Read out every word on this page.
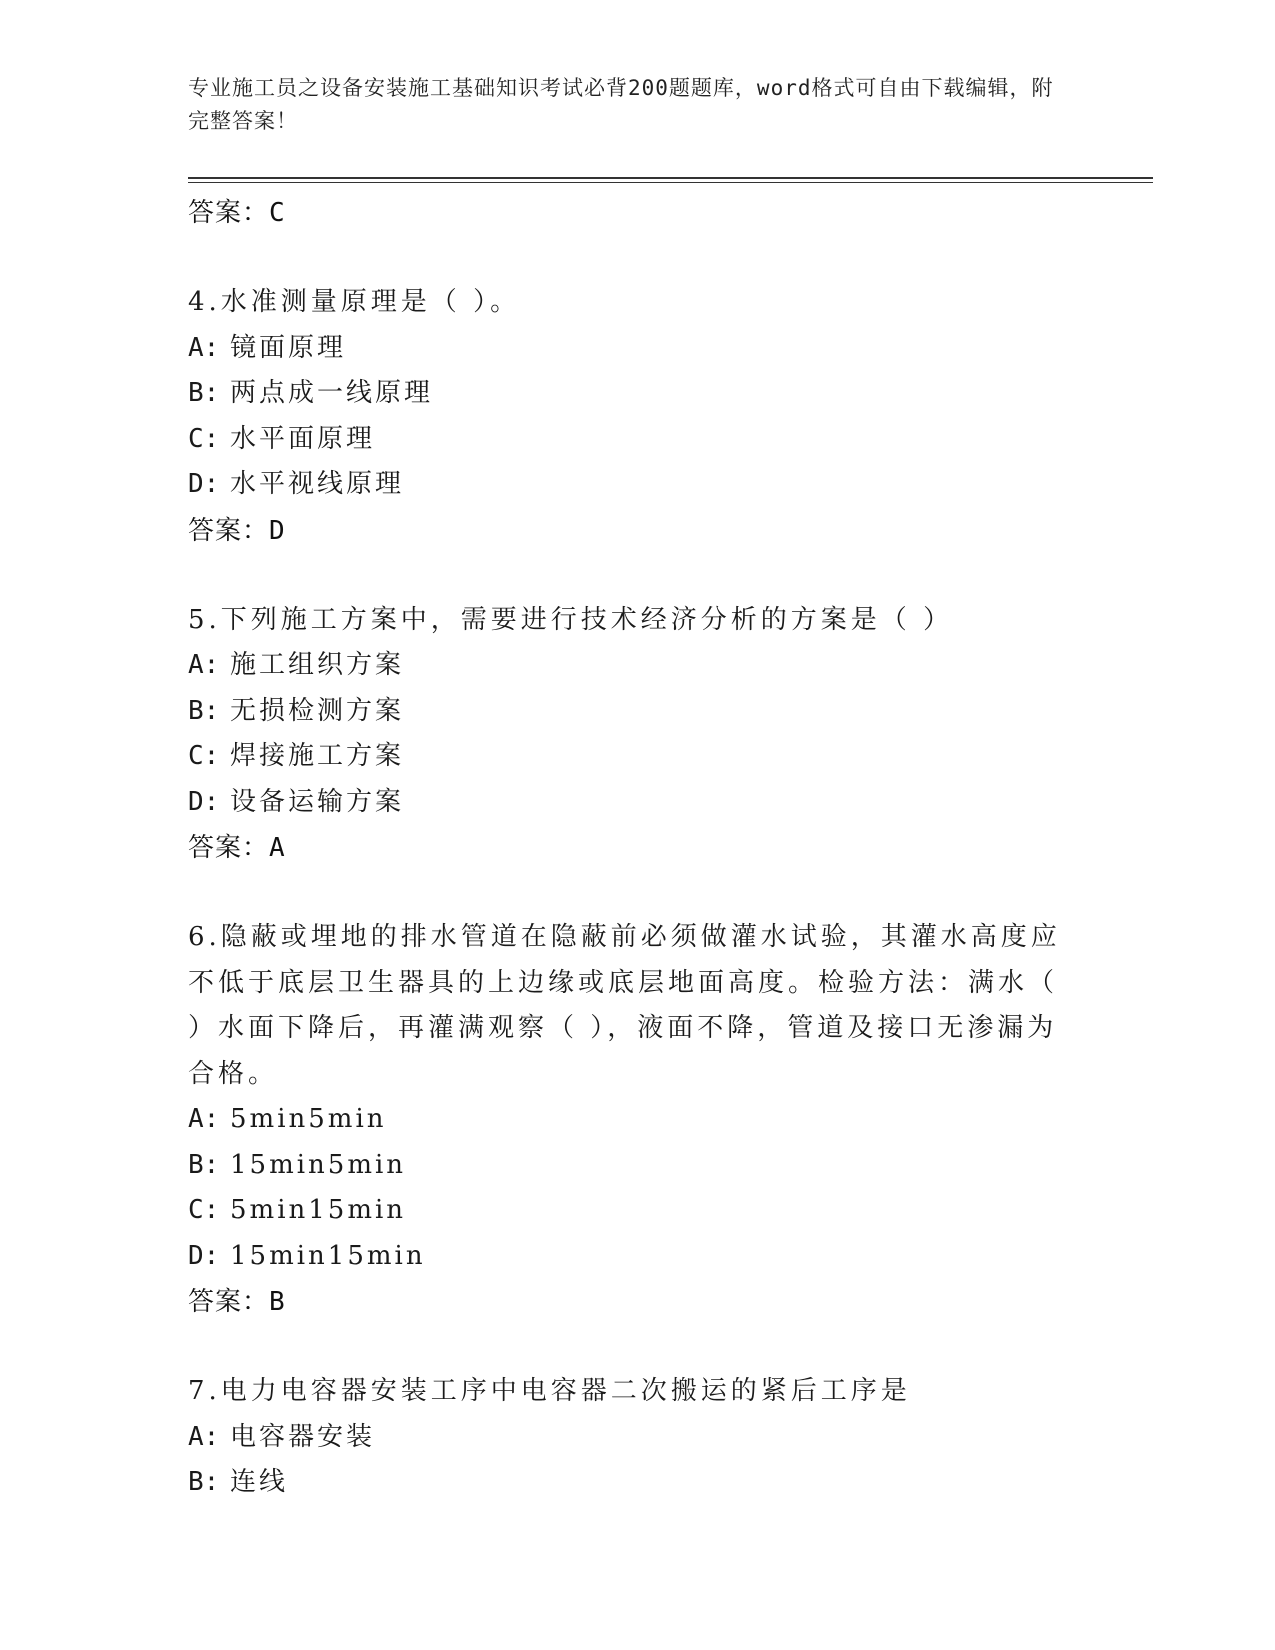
专业施工员之设备安装施工基础知识考试必背200题题库，word格式可自由下载编辑，附完整答案！
答案：C
4.水准测量原理是（ ）。
A: 镜面原理
B: 两点成一线原理
C: 水平面原理
D: 水平视线原理
答案：D
5.下列施工方案中，需要进行技术经济分析的方案是（ ）
A: 施工组织方案
B: 无损检测方案
C: 焊接施工方案
D: 设备运输方案
答案：A
6.隐蔽或埋地的排水管道在隐蔽前必须做灌水试验，其灌水高度应不低于底层卫生器具的上边缘或底层地面高度。检验方法：满水（ ）水面下降后，再灌满观察（ ），液面不降，管道及接口无渗漏为合格。
A: 5min5min
B: 15min5min
C: 5min15min
D: 15min15min
答案：B
7.电力电容器安装工序中电容器二次搬运的紧后工序是
A: 电容器安装
B: 连线
